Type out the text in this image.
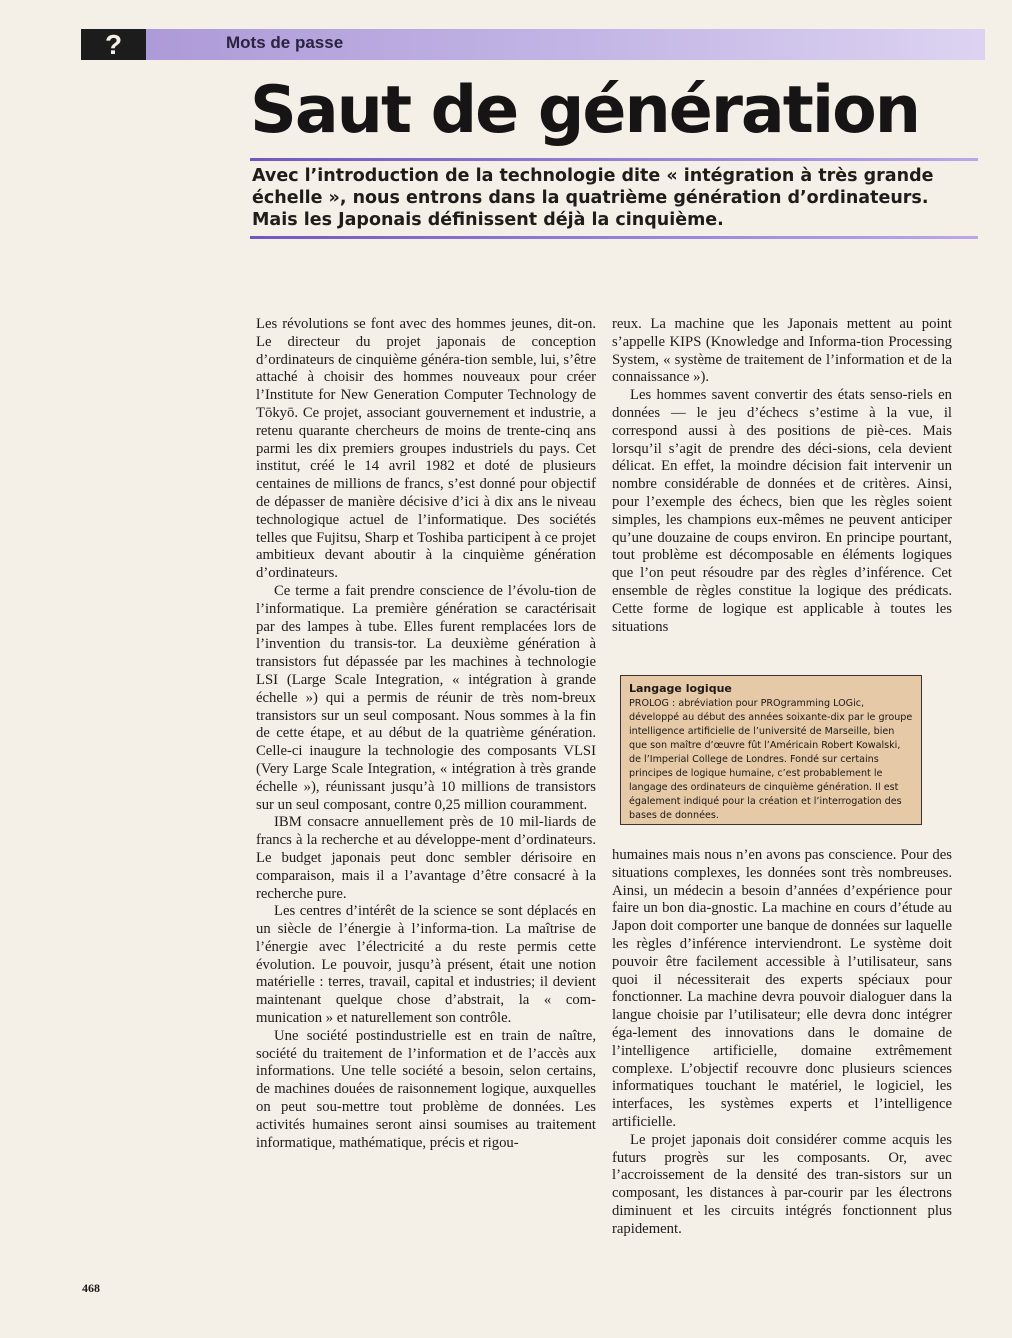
?	Mots de passe
Saut de génération

Avec l’introduction de la technologie dite « intégration à très grande échelle », nous entrons dans la quatrième génération d’ordinateurs. Mais les Japonais définissent déjà la cinquième.

Les révolutions se font avec des hommes jeunes, dit-on. Le directeur du projet japonais de conception d’ordinateurs de cinquième généra-tion semble, lui, s’être attaché à choisir des hommes nouveaux pour créer l’Institute for New Generation Computer Technology de Tōkyō. Ce projet, associant gouvernement et industrie, a retenu quarante chercheurs de moins de trente-cinq ans parmi les dix premiers groupes industriels du pays. Cet institut, créé le 14 avril 1982 et doté de plusieurs centaines de millions de francs, s’est donné pour objectif de dépasser de manière décisive d’ici à dix ans le niveau technologique actuel de l’informatique. Des sociétés telles que Fujitsu, Sharp et Toshiba participent à ce projet ambitieux devant aboutir à la cinquième génération d’ordinateurs.

Ce terme a fait prendre conscience de l’évolu-tion de l’informatique. La première génération se caractérisait par des lampes à tube. Elles furent remplacées lors de l’invention du transis-tor. La deuxième génération à transistors fut dépassée par les machines à technologie LSI (Large Scale Integration, « intégration à grande échelle ») qui a permis de réunir de très nom-breux transistors sur un seul composant. Nous sommes à la fin de cette étape, et au début de la quatrième génération. Celle-ci inaugure la technologie des composants VLSI (Very Large Scale Integration, « intégration à très grande échelle »), réunissant jusqu’à 10 millions de transistors sur un seul composant, contre 0,25 million couramment.

IBM consacre annuellement près de 10 mil-liards de francs à la recherche et au développe-ment d’ordinateurs. Le budget japonais peut donc sembler dérisoire en comparaison, mais il a l’avantage d’être consacré à la recherche pure.

Les centres d’intérêt de la science se sont déplacés en un siècle de l’énergie à l’informa-tion. La maîtrise de l’énergie avec l’électricité a du reste permis cette évolution. Le pouvoir, jusqu’à présent, était une notion matérielle : terres, travail, capital et industries; il devient maintenant quelque chose d’abstrait, la « com-munication » et naturellement son contrôle.

Une société postindustrielle est en train de naître, société du traitement de l’information et de l’accès aux informations. Une telle société a besoin, selon certains, de machines douées de raisonnement logique, auxquelles on peut sou-mettre tout problème de données. Les activités humaines seront ainsi soumises au traitement informatique, mathématique, précis et rigou-

reux. La machine que les Japonais mettent au point s’appelle KIPS (Knowledge and Informa-tion Processing System, « système de traitement de l’information et de la connaissance »).

Les hommes savent convertir des états senso-riels en données — le jeu d’échecs s’estime à la vue, il correspond aussi à des positions de piè-ces. Mais lorsqu’il s’agit de prendre des déci-sions, cela devient délicat. En effet, la moindre décision fait intervenir un nombre considérable de données et de critères. Ainsi, pour l’exemple des échecs, bien que les règles soient simples, les champions eux-mêmes ne peuvent anticiper qu’une douzaine de coups environ. En principe pourtant, tout problème est décomposable en éléments logiques que l’on peut résoudre par des règles d’inférence. Cet ensemble de règles constitue la logique des prédicats. Cette forme de logique est applicable à toutes les situations

Langage logique

PROLOG : abréviation pour PROgramming LOGic, développé au début des années soixante-dix par le groupe intelligence artificielle de l’université de Marseille, bien que son maître d’œuvre fût l’Américain Robert Kowalski, de l’Imperial College de Londres. Fondé sur certains principes de logique humaine, c’est probablement le langage des ordinateurs de cinquième génération. Il est également indiqué pour la création et l’interrogation des bases de données.

humaines mais nous n’en avons pas conscience. Pour des situations complexes, les données sont très nombreuses. Ainsi, un médecin a besoin d’années d’expérience pour faire un bon dia-gnostic. La machine en cours d’étude au Japon doit comporter une banque de données sur laquelle les règles d’inférence interviendront. Le système doit pouvoir être facilement accessible à l’utilisateur, sans quoi il nécessiterait des experts spéciaux pour fonctionner. La machine devra pouvoir dialoguer dans la langue choisie par l’utilisateur; elle devra donc intégrer éga-lement des innovations dans le domaine de l’intelligence artificielle, domaine extrêmement complexe. L’objectif recouvre donc plusieurs sciences informatiques touchant le matériel, le logiciel, les interfaces, les systèmes experts et l’intelligence artificielle.

Le projet japonais doit considérer comme acquis les futurs progrès sur les composants. Or, avec l’accroissement de la densité des tran-sistors sur un composant, les distances à par-courir par les électrons diminuent et les circuits intégrés fonctionnent plus rapidement.

468
